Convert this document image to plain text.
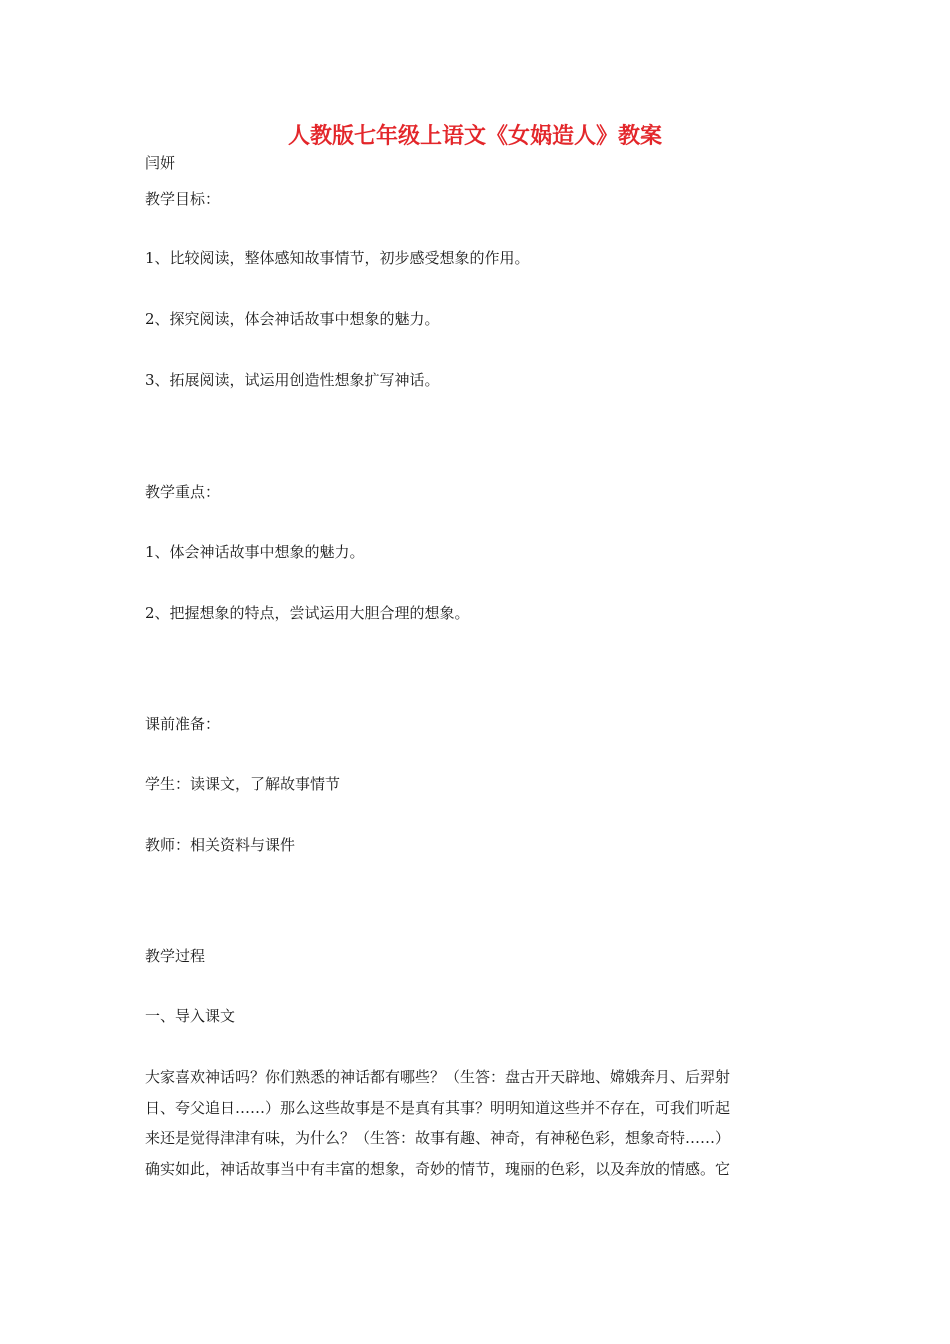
人教版七年级上语文《女娲造人》教案
闫妍
教学目标：
1、比较阅读，整体感知故事情节，初步感受想象的作用。
2、探究阅读，体会神话故事中想象的魅力。
3、拓展阅读，试运用创造性想象扩写神话。
教学重点：
1、体会神话故事中想象的魅力。
2、把握想象的特点，尝试运用大胆合理的想象。
课前准备：
学生：读课文，了解故事情节
教师：相关资料与课件
教学过程
一、导入课文
大家喜欢神话吗？你们熟悉的神话都有哪些？（生答：盘古开天辟地、嫦娥奔月、后羿射
日、夸父追日……）那么这些故事是不是真有其事？明明知道这些并不存在，可我们听起
来还是觉得津津有味，为什么？（生答：故事有趣、神奇，有神秘色彩，想象奇特……）
确实如此，神话故事当中有丰富的想象，奇妙的情节，瑰丽的色彩，以及奔放的情感。它
